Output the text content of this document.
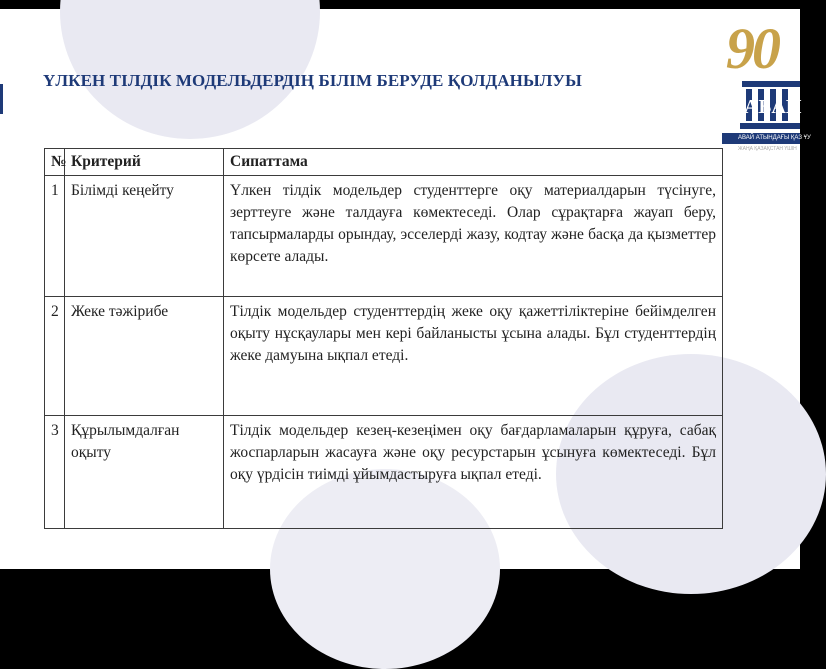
ҮЛКЕН ТІЛДІК МОДЕЛЬДЕРДІҢ БІЛІМ БЕРУДЕ ҚОЛДАНЫЛУЫ	90
АБАЙ
АВАЙ АТЫНДАҒЫ ҚАЗ ҰУ
ЖАҢА ҚАЗАҚСТАН ҮШІН
№	Критерий	Сипаттама
1	Білімді кеңейту	Үлкен тілдік модельдер студенттерге оқу материалдарын түсінуге, зерттеуге және талдауға көмектеседі. Олар сұрақтарға жауап беру, тапсырмаларды орындау, эсселерді жазу, кодтау және басқа да қызметтер көрсете алады.
2	Жеке тәжірибе	Тілдік модельдер студенттердің жеке оқу қажеттіліктеріне бейімделген оқыту нұсқаулары мен кері байланысты ұсына алады. Бұл студенттердің жеке дамуына ықпал етеді.
3	Құрылымдалған оқыту	Тілдік модельдер кезең-кезеңімен оқу бағдарламаларын құруға, сабақ жоспарларын жасауға және оқу ресурстарын ұсынуға көмектеседі. Бұл оқу үрдісін тиімді ұйымдастыруға ықпал етеді.
